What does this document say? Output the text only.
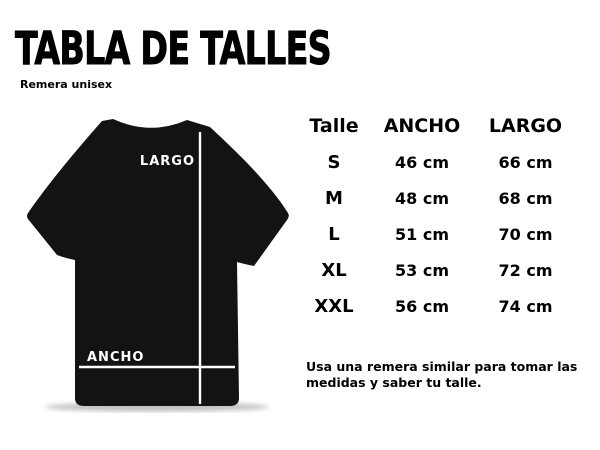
TABLA DE TALLES
Remera unisex
LARGO
ANCHO
Talle ANCHO LARGO
S	46 cm	66 cm
M	48 cm	68 cm
L	51 cm	70 cm
XL	53 cm	72 cm
XXL	56 cm	74 cm

Usa una remera similar para tomar las medidas y saber tu talle.
